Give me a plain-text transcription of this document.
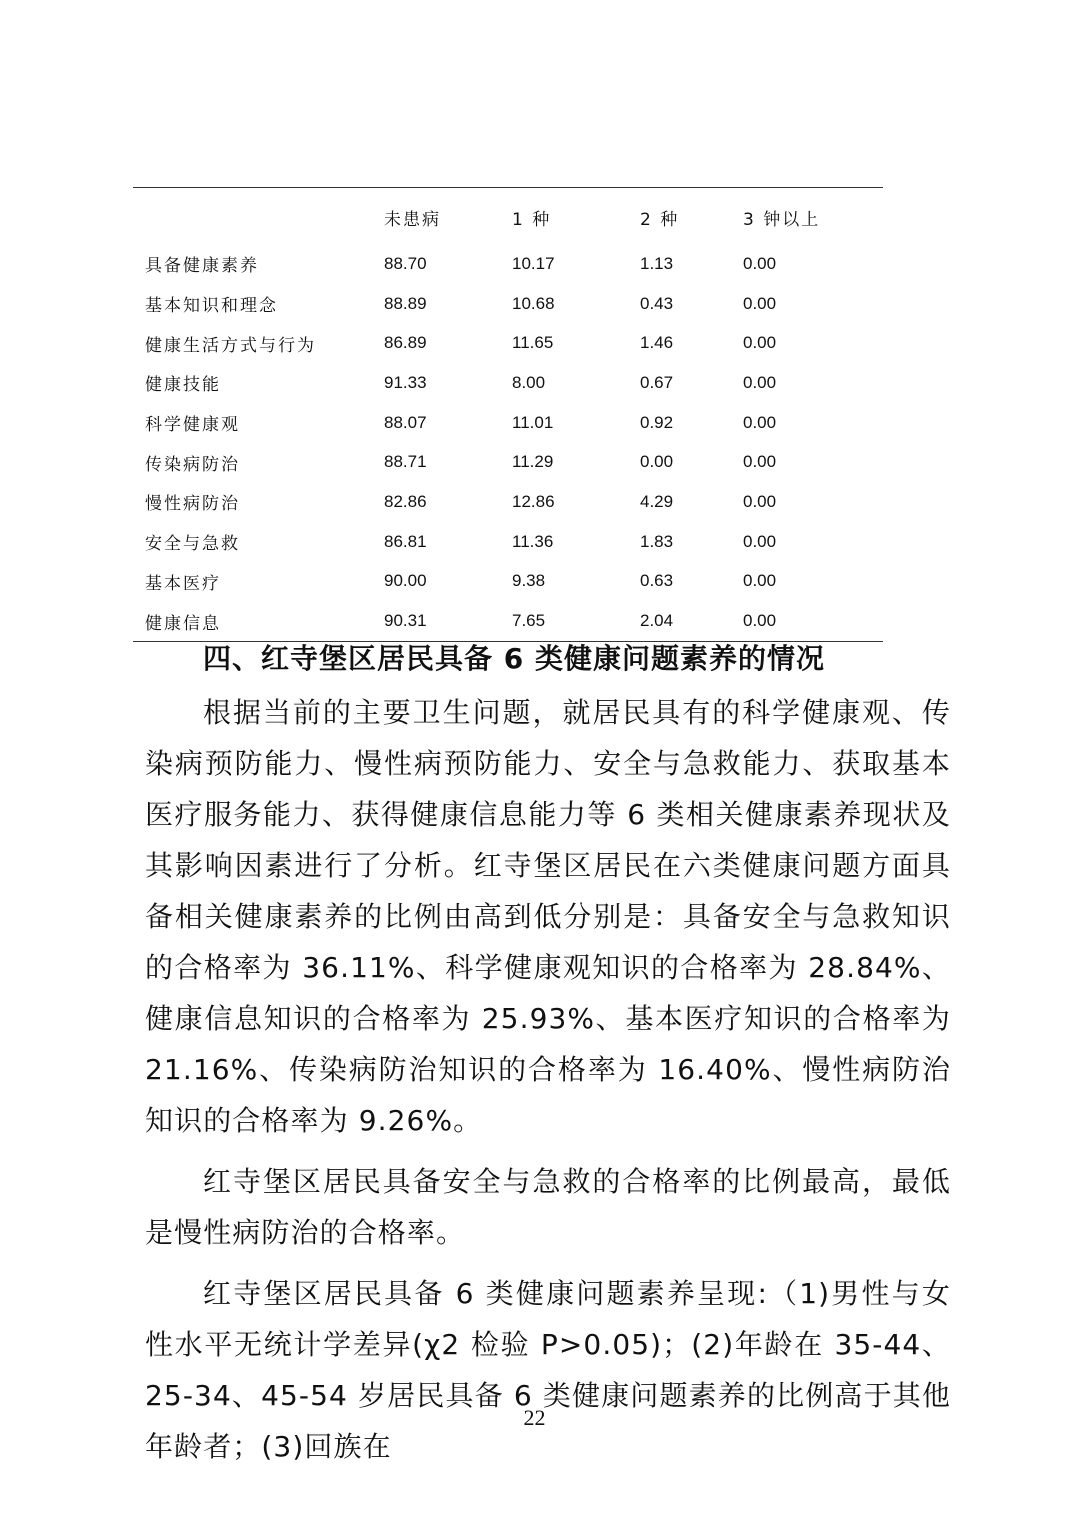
	未患病	1 种	2 种	3 钟以上
具备健康素养	88.70	10.17	1.13	0.00
基本知识和理念	88.89	10.68	0.43	0.00
健康生活方式与行为	86.89	11.65	1.46	0.00
健康技能	91.33	8.00	0.67	0.00
科学健康观	88.07	11.01	0.92	0.00
传染病防治	88.71	11.29	0.00	0.00
慢性病防治	82.86	12.86	4.29	0.00
安全与急救	86.81	11.36	1.83	0.00
基本医疗	90.00	9.38	0.63	0.00
健康信息	90.31	7.65	2.04	0.00
四、红寺堡区居民具备 6 类健康问题素养的情况

根据当前的主要卫生问题，就居民具有的科学健康观、传染病预防能力、慢性病预防能力、安全与急救能力、获取基本医疗服务能力、获得健康信息能力等 6 类相关健康素养现状及其影响因素进行了分析。红寺堡区居民在六类健康问题方面具备相关健康素养的比例由高到低分别是：具备安全与急救知识的合格率为 36.11%、科学健康观知识的合格率为 28.84%、健康信息知识的合格率为 25.93%、基本医疗知识的合格率为 21.16%、传染病防治知识的合格率为 16.40%、慢性病防治知识的合格率为 9.26%。

红寺堡区居民具备安全与急救的合格率的比例最高，最低是慢性病防治的合格率。

红寺堡区居民具备 6 类健康问题素养呈现:（1)男性与女性水平无统计学差异(χ2 检验 P>0.05)；(2)年龄在 35-44、25-34、45-54 岁居民具备 6 类健康问题素养的比例高于其他年龄者；(3)回族在

22
